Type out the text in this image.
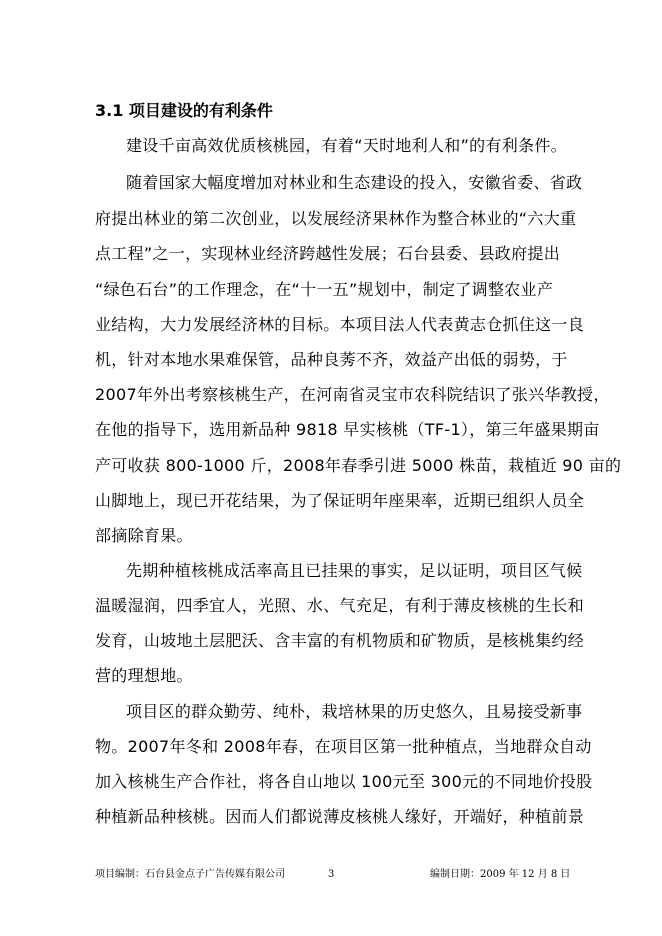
3.1 项目建设的有利条件
建设千亩高效优质核桃园，有着“天时地利人和”的有利条件。
随着国家大幅度增加对林业和生态建设的投入，安徽省委、省政
府提出林业的第二次创业，以发展经济果林作为整合林业的“六大重
点工程”之一，实现林业经济跨越性发展；石台县委、县政府提出
“绿色石台”的工作理念，在“十一五”规划中，制定了调整农业产
业结构，大力发展经济林的目标。本项目法人代表黄志仓抓住这一良
机，针对本地水果难保管，品种良莠不齐，效益产出低的弱势，于
2007年外出考察核桃生产，在河南省灵宝市农科院结识了张兴华教授，
在他的指导下，选用新品种 9818 早实核桃（TF-1），第三年盛果期亩
产可收获 800-1000 斤，2008年春季引进 5000 株苗，栽植近 90 亩的
山脚地上，现已开花结果，为了保证明年座果率，近期已组织人员全
部摘除育果。
先期种植核桃成活率高且已挂果的事实，足以证明，项目区气候
温暖湿润，四季宜人，光照、水、气充足，有利于薄皮核桃的生长和
发育，山坡地土层肥沃、含丰富的有机物质和矿物质，是核桃集约经
营的理想地。
项目区的群众勤劳、纯朴，栽培林果的历史悠久，且易接受新事
物。2007年冬和 2008年春，在项目区第一批种植点，当地群众自动
加入核桃生产合作社，将各自山地以 100元至 300元的不同地价投股
种植新品种核桃。因而人们都说薄皮核桃人缘好，开端好，种植前景
项目编制：石台县金点子广告传媒有限公司	3	编制日期：2009 年 12 月 8 日
